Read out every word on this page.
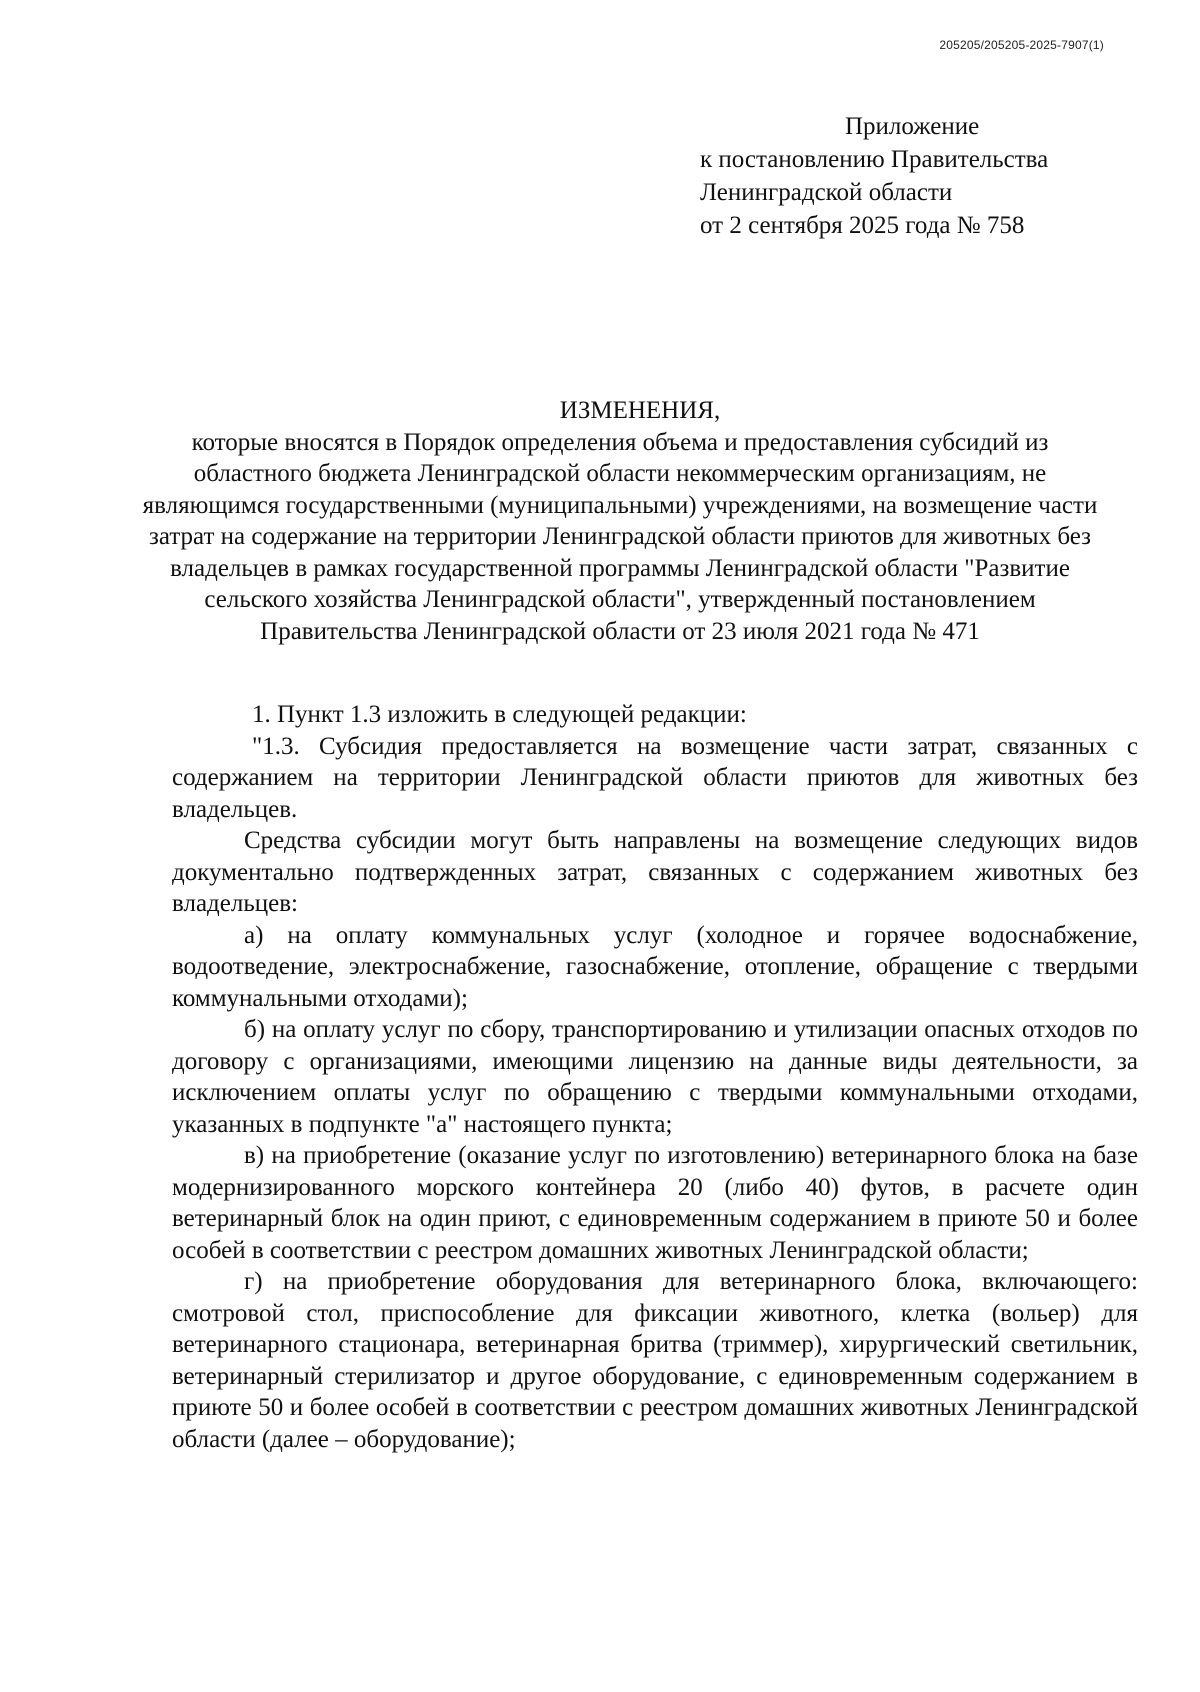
205205/205205-2025-7907(1)
Приложение
к постановлению Правительства
Ленинградской области
от 2 сентября 2025 года № 758
ИЗМЕНЕНИЯ,
которые вносятся в Порядок определения объема и предоставления субсидий из областного бюджета Ленинградской области некоммерческим организациям, не являющимся государственными (муниципальными) учреждениями, на возмещение части затрат на содержание на территории Ленинградской области приютов для животных без владельцев в рамках государственной программы Ленинградской области "Развитие сельского хозяйства Ленинградской области", утвержденный постановлением Правительства Ленинградской области от 23 июля 2021 года № 471

1. Пункт 1.3 изложить в следующей редакции:

"1.3. Субсидия предоставляется на возмещение части затрат, связанных с содержанием на территории Ленинградской области приютов для животных без владельцев.

Средства субсидии могут быть направлены на возмещение следующих видов документально подтвержденных затрат, связанных с содержанием животных без владельцев:

а) на оплату коммунальных услуг (холодное и горячее водоснабжение, водоотведение, электроснабжение, газоснабжение, отопление, обращение с твердыми коммунальными отходами);

б) на оплату услуг по сбору, транспортированию и утилизации опасных отходов по договору с организациями, имеющими лицензию на данные виды деятельности, за исключением оплаты услуг по обращению с твердыми коммунальными отходами, указанных в подпункте "а" настоящего пункта;

в) на приобретение (оказание услуг по изготовлению) ветеринарного блока на базе модернизированного морского контейнера 20 (либо 40) футов, в расчете один ветеринарный блок на один приют, с единовременным содержанием в приюте 50 и более особей в соответствии с реестром домашних животных Ленинградской области;

г) на приобретение оборудования для ветеринарного блока, включающего: смотровой стол, приспособление для фиксации животного, клетка (вольер) для ветеринарного стационара, ветеринарная бритва (триммер), хирургический светильник, ветеринарный стерилизатор и другое оборудование, с единовременным содержанием в приюте 50 и более особей в соответствии с реестром домашних животных Ленинградской области (далее – оборудование);
